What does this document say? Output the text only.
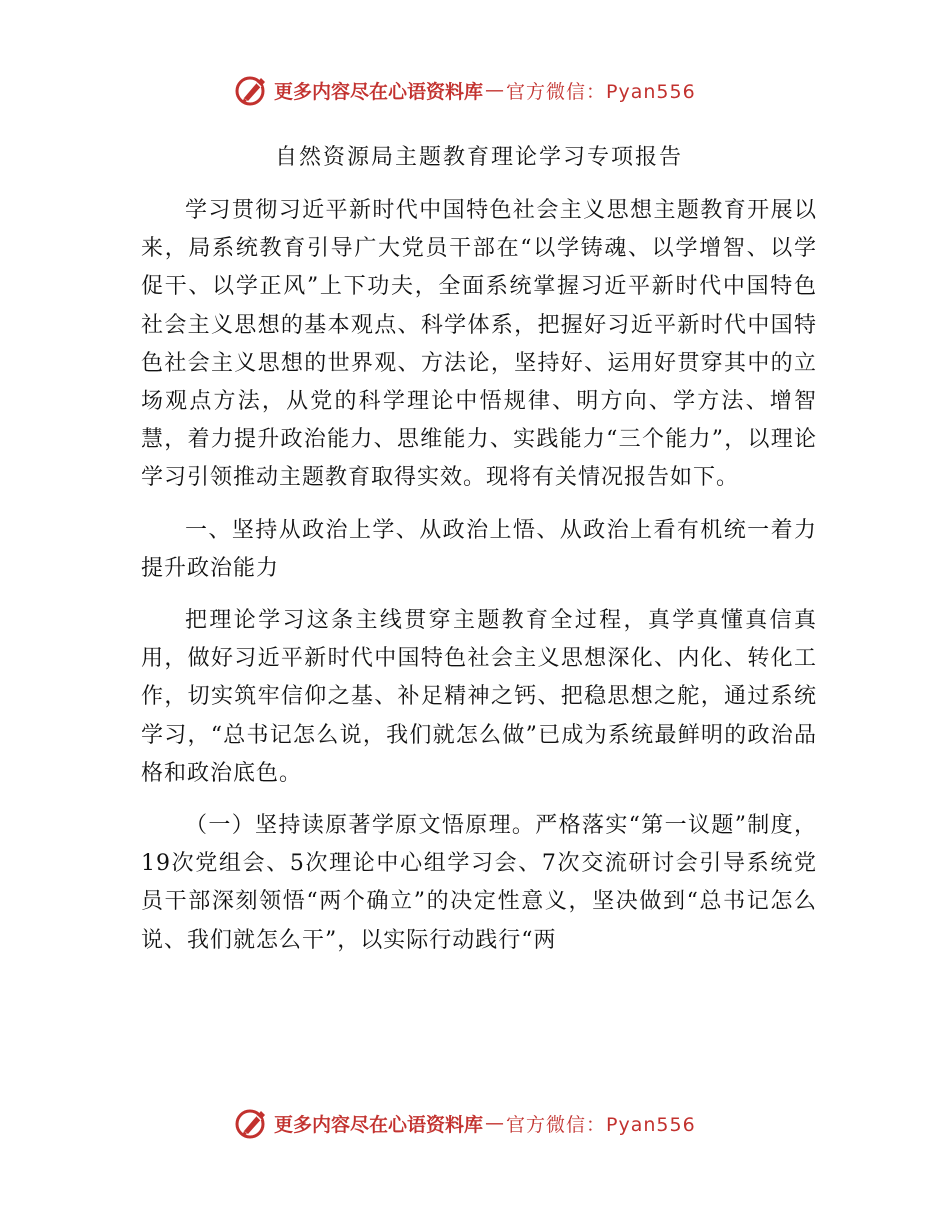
更多内容尽在心语资料库 — 官方微信：Pyan556
自然资源局主题教育理论学习专项报告

学习贯彻习近平新时代中国特色社会主义思想主题教育开展以来，局系统教育引导广大党员干部在“以学铸魂、以学增智、以学促干、以学正风”上下功夫，全面系统掌握习近平新时代中国特色社会主义思想的基本观点、科学体系，把握好习近平新时代中国特色社会主义思想的世界观、方法论，坚持好、运用好贯穿其中的立场观点方法，从党的科学理论中悟规律、明方向、学方法、增智慧，着力提升政治能力、思维能力、实践能力“三个能力”，以理论学习引领推动主题教育取得实效。现将有关情况报告如下。

一、坚持从政治上学、从政治上悟、从政治上看有机统一着力提升政治能力

把理论学习这条主线贯穿主题教育全过程，真学真懂真信真用，做好习近平新时代中国特色社会主义思想深化、内化、转化工作，切实筑牢信仰之基、补足精神之钙、把稳思想之舵，通过系统学习，“总书记怎么说，我们就怎么做”已成为系统最鲜明的政治品格和政治底色。

（一）坚持读原著学原文悟原理。严格落实“第一议题”制度，19次党组会、5次理论中心组学习会、7次交流研讨会引导系统党员干部深刻领悟“两个确立”的决定性意义，坚决做到“总书记怎么说、我们就怎么干”，以实际行动践行“两

更多内容尽在心语资料库 — 官方微信：Pyan556
